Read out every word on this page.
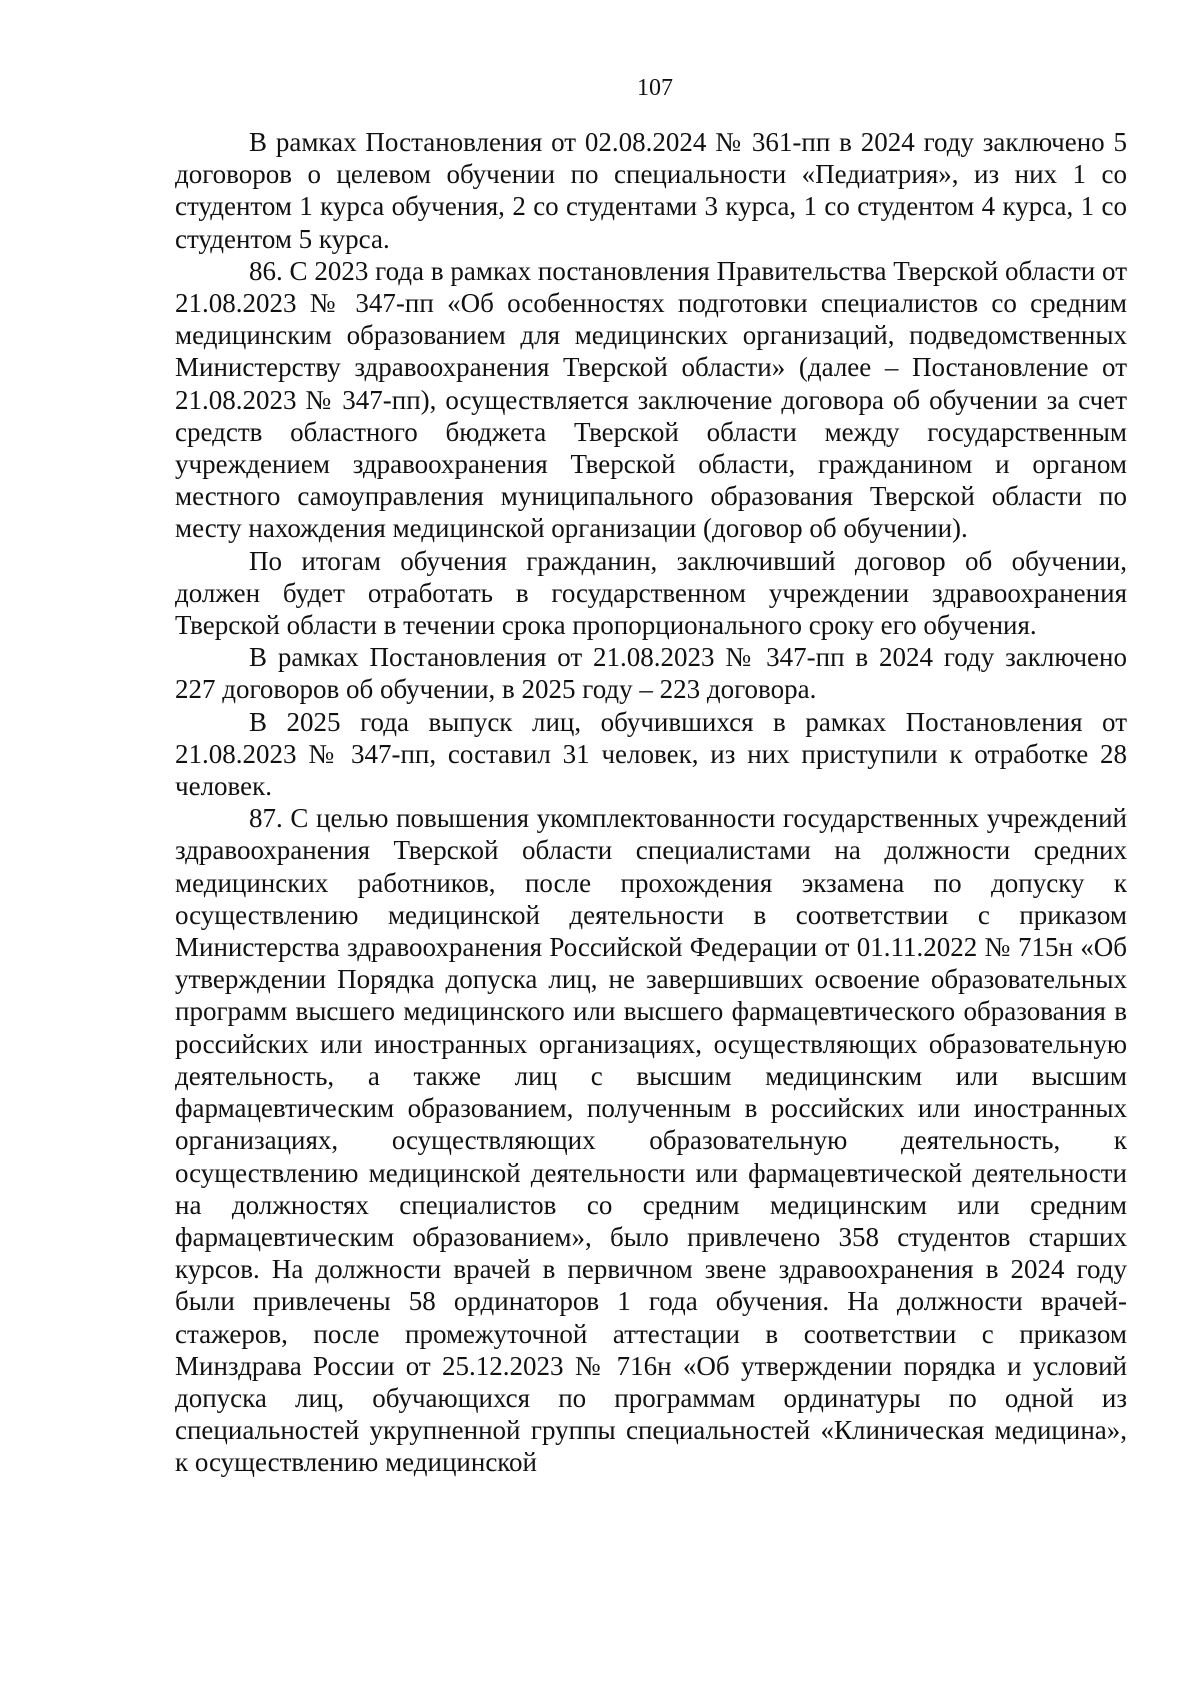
107

В рамках Постановления от 02.08.2024 № 361-пп в 2024 году заключено 5 договоров о целевом обучении по специальности «Педиатрия», из них 1 со студентом 1 курса обучения, 2 со студентами 3 курса, 1 со студентом 4 курса, 1 со студентом 5 курса.

86. С 2023 года в рамках постановления Правительства Тверской области от 21.08.2023 № 347-пп «Об особенностях подготовки специалистов со средним медицинским образованием для медицинских организаций, подведомственных Министерству здравоохранения Тверской области» (далее – Постановление от 21.08.2023 № 347-пп), осуществляется заключение договора об обучении за счет средств областного бюджета Тверской области между государственным учреждением здравоохранения Тверской области, гражданином и органом местного самоуправления муниципального образования Тверской области по месту нахождения медицинской организации (договор об обучении).

По итогам обучения гражданин, заключивший договор об обучении, должен будет отработать в государственном учреждении здравоохранения Тверской области в течении срока пропорционального сроку его обучения.

В рамках Постановления от 21.08.2023 № 347-пп в 2024 году заключено 227 договоров об обучении, в 2025 году – 223 договора.

В 2025 года выпуск лиц, обучившихся в рамках Постановления от 21.08.2023 № 347-пп, составил 31 человек, из них приступили к отработке 28 человек.

87. С целью повышения укомплектованности государственных учреждений здравоохранения Тверской области специалистами на должности средних медицинских работников, после прохождения экзамена по допуску к осуществлению медицинской деятельности в соответствии с приказом Министерства здравоохранения Российской Федерации от 01.11.2022 № 715н «Об утверждении Порядка допуска лиц, не завершивших освоение образовательных программ высшего медицинского или высшего фармацевтического образования в российских или иностранных организациях, осуществляющих образовательную деятельность, а также лиц с высшим медицинским или высшим фармацевтическим образованием, полученным в российских или иностранных организациях, осуществляющих образовательную деятельность, к осуществлению медицинской деятельности или фармацевтической деятельности на должностях специалистов со средним медицинским или средним фармацевтическим образованием», было привлечено 358 студентов старших курсов. На должности врачей в первичном звене здравоохранения в 2024 году были привлечены 58 ординаторов 1 года обучения. На должности врачей-стажеров, после промежуточной аттестации в соответствии с приказом Минздрава России от 25.12.2023 № 716н «Об утверждении порядка и условий допуска лиц, обучающихся по программам ординатуры по одной из специальностей укрупненной группы специальностей «Клиническая медицина», к осуществлению медицинской
